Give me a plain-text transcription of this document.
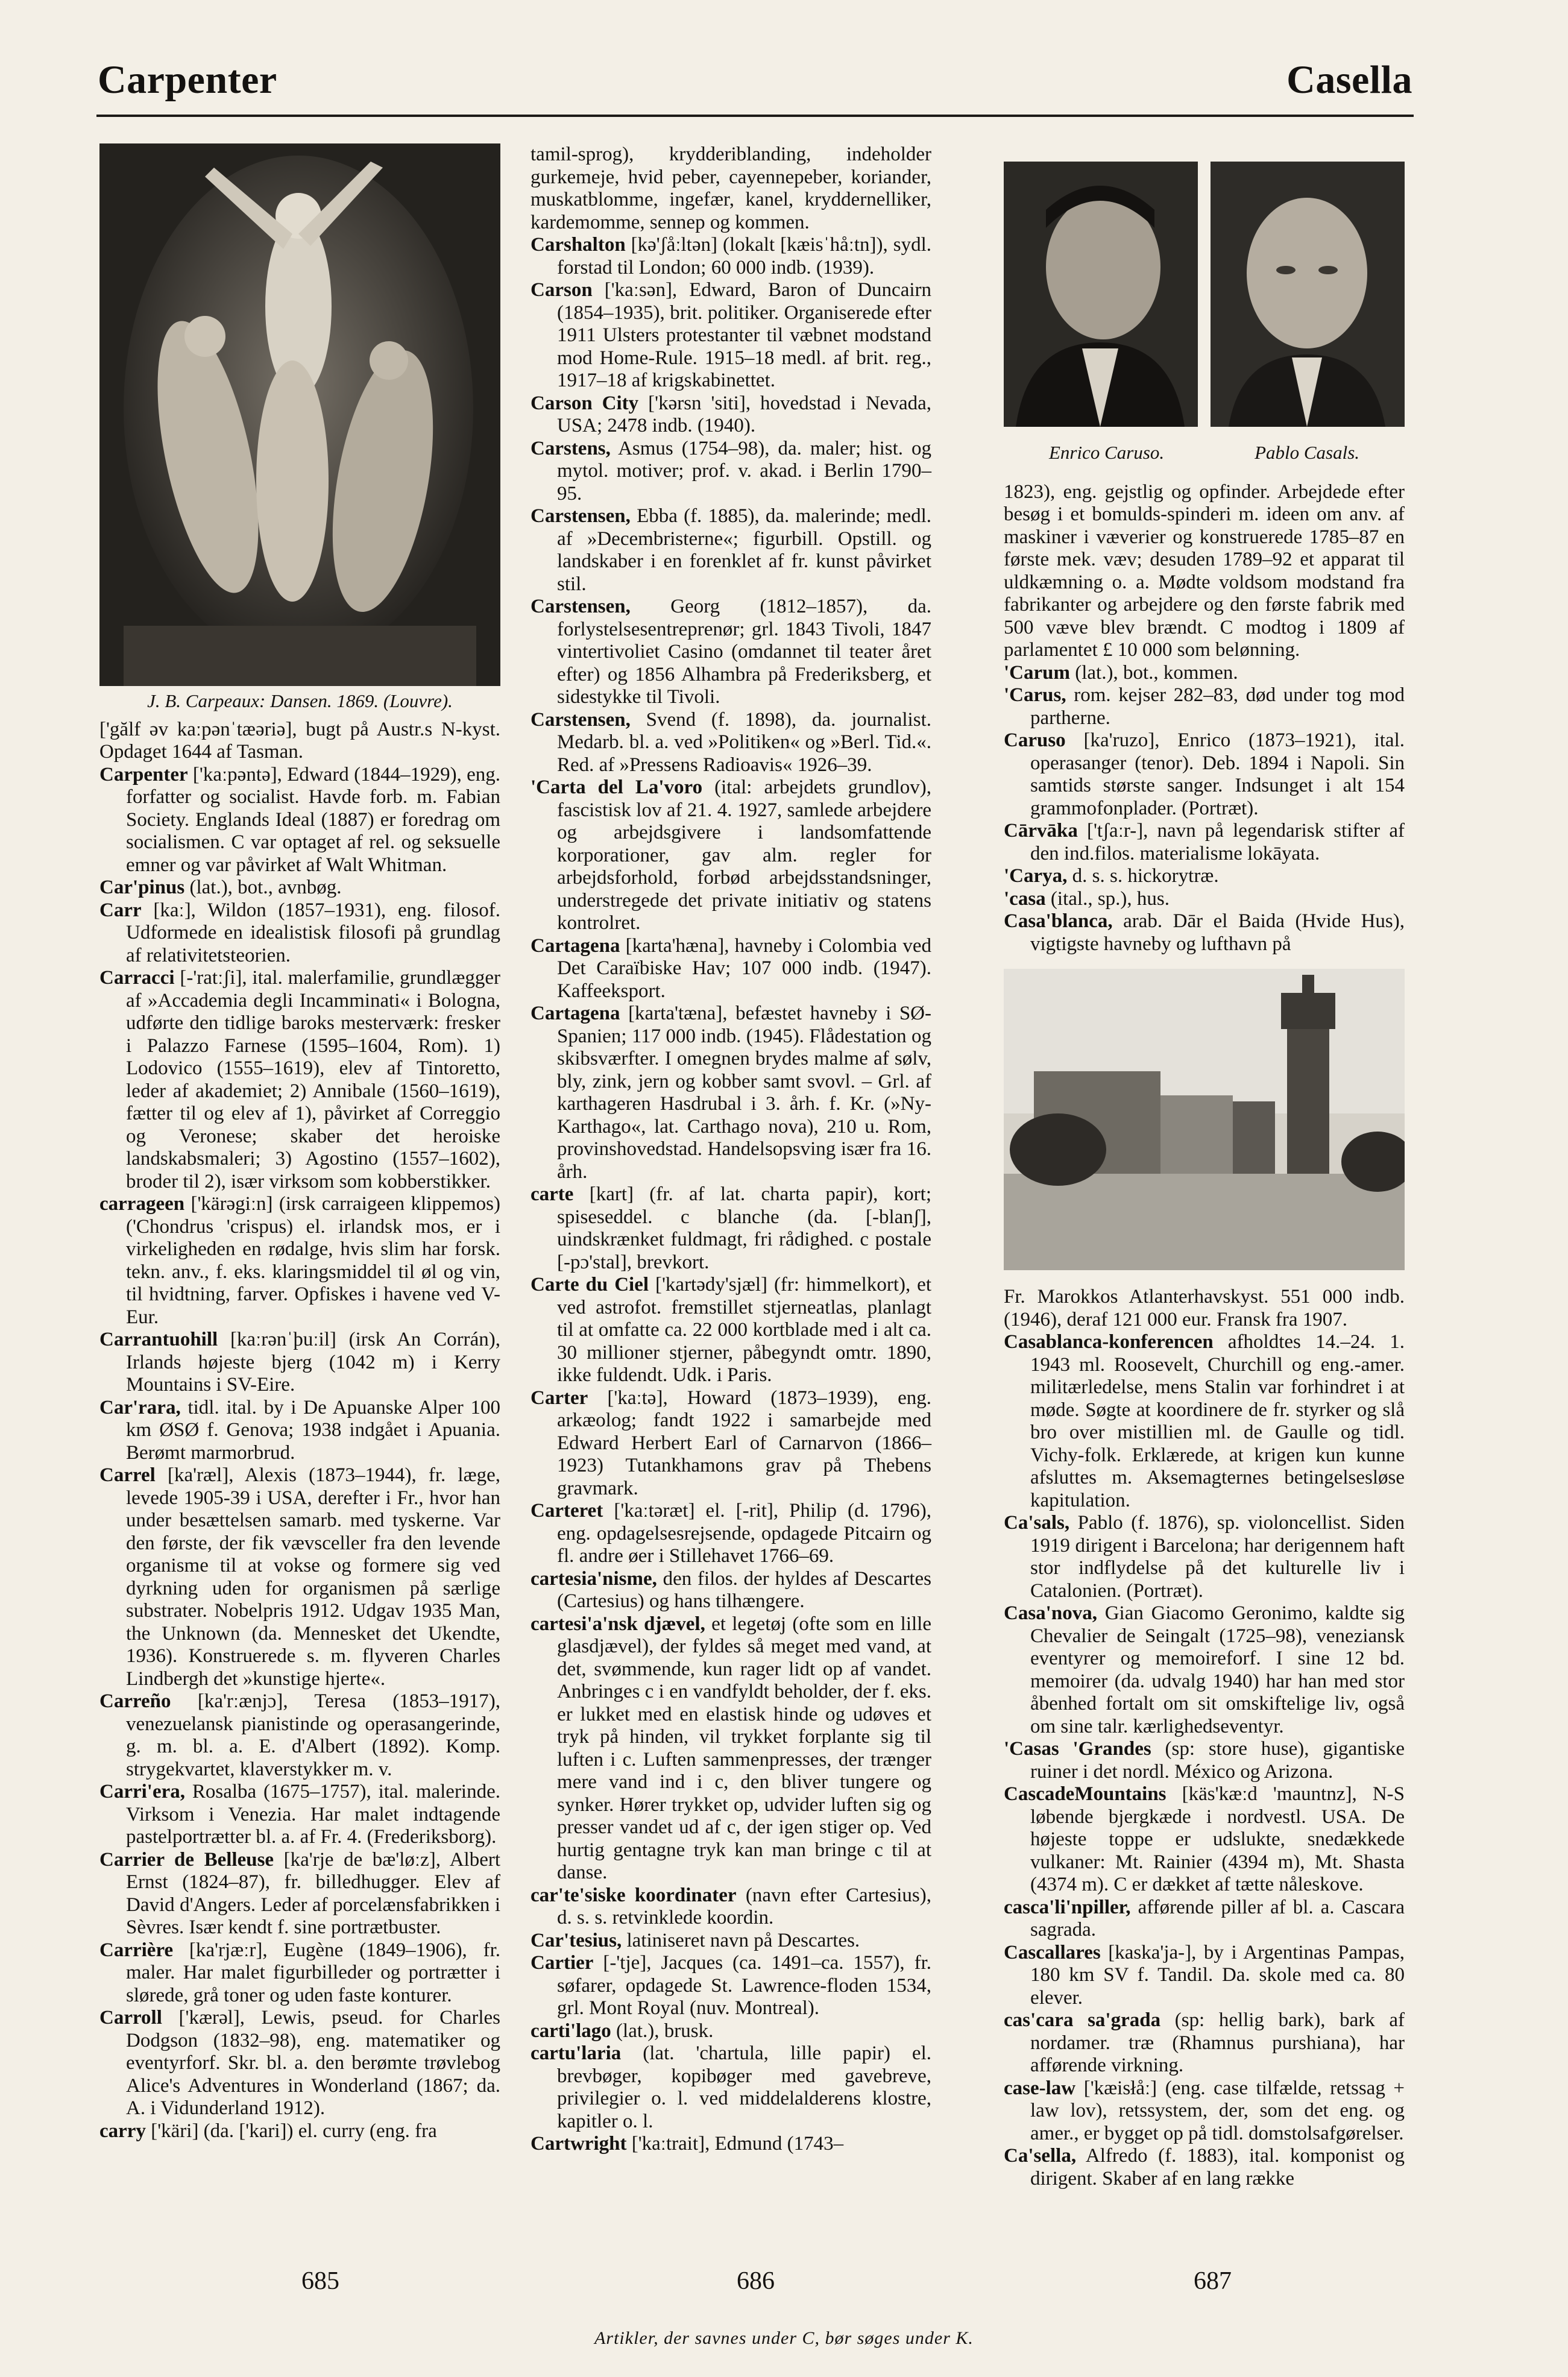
Carpenter	Casella
J. B. Carpeaux: Dansen. 1869. (Louvre).

['gălf əv kaːpənˈtæəriə], bugt på Austr.s N-kyst. Opdaget 1644 af Tasman.

Carpenter ['kaːpəntə], Edward (1844–1929), eng. forfatter og socialist. Havde forb. m. Fabian Society. Englands Ideal (1887) er foredrag om socialismen. C var optaget af rel. og seksuelle emner og var påvirket af Walt Whitman.

Car'pinus (lat.), bot., avnbøg.

Carr [kaː], Wildon (1857–1931), eng. filosof. Udformede en idealistisk filosofi på grundlag af relativitetsteorien.

Carracci [-'ratːʃi], ital. malerfamilie, grundlægger af »Accademia degli Incamminati« i Bologna, udførte den tidlige baroks mesterværk: fresker i Palazzo Farnese (1595–1604, Rom). 1) Lodovico (1555–1619), elev af Tintoretto, leder af akademiet; 2) Annibale (1560–1619), fætter til og elev af 1), påvirket af Correggio og Veronese; skaber det heroiske landskabsmaleri; 3) Agostino (1557–1602), broder til 2), især virksom som kobberstikker.

carrageen ['kärəgiːn] (irsk carraigeen klippemos) ('Chondrus 'crispus) el. irlandsk mos, er i virkeligheden en rødalge, hvis slim har forsk. tekn. anv., f. eks. klaringsmiddel til øl og vin, til hvidtning, farver. Opfiskes i havene ved V-Eur.

Carrantuohill [kaːrənˈþuːil] (irsk An Corrán), Irlands højeste bjerg (1042 m) i Kerry Mountains i SV-Eire.

Car'rara, tidl. ital. by i De Apuanske Alper 100 km ØSØ f. Genova; 1938 indgået i Apuania. Berømt marmorbrud.

Carrel [ka'ræl], Alexis (1873–1944), fr. læge, levede 1905-39 i USA, derefter i Fr., hvor han under besættelsen samarb. med tyskerne. Var den første, der fik vævsceller fra den levende organisme til at vokse og formere sig ved dyrkning uden for organismen på særlige substrater. Nobelpris 1912. Udgav 1935 Man, the Unknown (da. Mennesket det Ukendte, 1936). Konstruerede s. m. flyveren Charles Lindbergh det »kunstige hjerte«.

Carreño [ka'rːænjɔ], Teresa (1853–1917), venezuelansk pianistinde og operasangerinde, g. m. bl. a. E. d'Albert (1892). Komp. strygekvartet, klaverstykker m. v.

Carri'era, Rosalba (1675–1757), ital. malerinde. Virksom i Venezia. Har malet indtagende pastelportrætter bl. a. af Fr. 4. (Frederiksborg).

Carrier de Belleuse [ka'rje de bæ'løːz], Albert Ernst (1824–87), fr. billedhugger. Elev af David d'Angers. Leder af porcelænsfabrikken i Sèvres. Især kendt f. sine portrætbuster.

Carrière [ka'rjæːr], Eugène (1849–1906), fr. maler. Har malet figurbilleder og portrætter i slørede, grå toner og uden faste konturer.

Carroll ['kærəl], Lewis, pseud. for Charles Dodgson (1832–98), eng. matematiker og eventyrforf. Skr. bl. a. den berømte trøvlebog Alice's Adventures in Wonderland (1867; da. A. i Vidunderland 1912).

carry ['käri] (da. ['kari]) el. curry (eng. fra

tamil-sprog), krydderiblanding, indeholder gurkemeje, hvid peber, cayennepeber, koriander, muskatblomme, ingefær, kanel, kryddernelliker, kardemomme, sennep og kommen.

Carshalton [kə'ʃåːltən] (lokalt [kæisˈhåːtn]), sydl. forstad til London; 60 000 indb. (1939).

Carson ['kaːsən], Edward, Baron of Duncairn (1854–1935), brit. politiker. Organiserede efter 1911 Ulsters protestanter til væbnet modstand mod Home-Rule. 1915–18 medl. af brit. reg., 1917–18 af krigskabinettet.

Carson City ['kərsn 'siti], hovedstad i Nevada, USA; 2478 indb. (1940).

Carstens, Asmus (1754–98), da. maler; hist. og mytol. motiver; prof. v. akad. i Berlin 1790–95.

Carstensen, Ebba (f. 1885), da. malerinde; medl. af »Decembristerne«; figurbill. Opstill. og landskaber i en forenklet af fr. kunst påvirket stil.

Carstensen, Georg (1812–1857), da. forlystelsesentreprenør; grl. 1843 Tivoli, 1847 vintertivoliet Casino (omdannet til teater året efter) og 1856 Alhambra på Frederiksberg, et sidestykke til Tivoli.

Carstensen, Svend (f. 1898), da. journalist. Medarb. bl. a. ved »Politiken« og »Berl. Tid.«. Red. af »Pressens Radioavis« 1926–39.

'Carta del La'voro (ital: arbejdets grundlov), fascistisk lov af 21. 4. 1927, samlede arbejdere og arbejdsgivere i landsomfattende korporationer, gav alm. regler for arbejdsforhold, forbød arbejdsstandsninger, understregede det private initiativ og statens kontrolret.

Cartagena [karta'hæna], havneby i Colombia ved Det Caraïbiske Hav; 107 000 indb. (1947). Kaffeeksport.

Cartagena [karta'tæna], befæstet havneby i SØ-Spanien; 117 000 indb. (1945). Flådestation og skibsværfter. I omegnen brydes malme af sølv, bly, zink, jern og kobber samt svovl. – Grl. af karthageren Hasdrubal i 3. årh. f. Kr. (»Ny-Karthago«, lat. Carthago nova), 210 u. Rom, provinshovedstad. Handelsopsving især fra 16. årh.

carte [kart] (fr. af lat. charta papir), kort; spiseseddel. c blanche (da. [-blanʃ], uindskrænket fuldmagt, fri rådighed. c postale [-pɔ'stal], brevkort.

Carte du Ciel ['kartədy'sjæl] (fr: himmelkort), et ved astrofot. fremstillet stjerneatlas, planlagt til at omfatte ca. 22 000 kortblade med i alt ca. 30 millioner stjerner, påbegyndt omtr. 1890, ikke fuldendt. Udk. i Paris.

Carter ['kaːtə], Howard (1873–1939), eng. arkæolog; fandt 1922 i samarbejde med Edward Herbert Earl of Carnarvon (1866–1923) Tutankhamons grav på Thebens gravmark.

Carteret ['kaːtəræt] el. [-rit], Philip (d. 1796), eng. opdagelsesrejsende, opdagede Pitcairn og fl. andre øer i Stillehavet 1766–69.

cartesia'nisme, den filos. der hyldes af Descartes (Cartesius) og hans tilhængere.

cartesi'a'nsk djævel, et legetøj (ofte som en lille glasdjævel), der fyldes så meget med vand, at det, svømmende, kun rager lidt op af vandet. Anbringes c i en vandfyldt beholder, der f. eks. er lukket med en elastisk hinde og udøves et tryk på hinden, vil trykket forplante sig til luften i c. Luften sammenpresses, der trænger mere vand ind i c, den bliver tungere og synker. Hører trykket op, udvider luften sig og presser vandet ud af c, der igen stiger op. Ved hurtig gentagne tryk kan man bringe c til at danse.

car'te'siske koordinater (navn efter Cartesius), d. s. s. retvinklede koordin.

Car'tesius, latiniseret navn på Descartes.

Cartier [-'tje], Jacques (ca. 1491–ca. 1557), fr. søfarer, opdagede St. Lawrence-floden 1534, grl. Mont Royal (nuv. Montreal).

carti'lago (lat.), brusk.

cartu'laria (lat. 'chartula, lille papir) el. brevbøger, kopibøger med gavebreve, privilegier o. l. ved middelalderens klostre, kapitler o. l.

Cartwright ['kaːtrait], Edmund (1743–

Enrico Caruso.	Pablo Casals.

1823), eng. gejstlig og opfinder. Arbejdede efter besøg i et bomulds-spinderi m. ideen om anv. af maskiner i væverier og konstruerede 1785–87 en første mek. væv; desuden 1789–92 et apparat til uldkæmning o. a. Mødte voldsom modstand fra fabrikanter og arbejdere og den første fabrik med 500 væve blev brændt. C modtog i 1809 af parlamentet £ 10 000 som belønning.

'Carum (lat.), bot., kommen.

'Carus, rom. kejser 282–83, død under tog mod partherne.

Caruso [ka'ruzo], Enrico (1873–1921), ital. operasanger (tenor). Deb. 1894 i Napoli. Sin samtids største sanger. Indsunget i alt 154 grammofonplader. (Portræt).

Cārvāka ['tʃaːr-], navn på legendarisk stifter af den ind.filos. materialisme lokāyata.

'Carya, d. s. s. hickorytræ.

'casa (ital., sp.), hus.

Casa'blanca, arab. Dār el Baida (Hvide Hus), vigtigste havneby og lufthavn på

Fr. Marokkos Atlanterhavskyst. 551 000 indb. (1946), deraf 121 000 eur. Fransk fra 1907.

Casablanca-konferencen afholdtes 14.–24. 1. 1943 ml. Roosevelt, Churchill og eng.-amer. militærledelse, mens Stalin var forhindret i at møde. Søgte at koordinere de fr. styrker og slå bro over mistillien ml. de Gaulle og tidl. Vichy-folk. Erklærede, at krigen kun kunne afsluttes m. Aksemagternes betingelsesløse kapitulation.

Ca'sals, Pablo (f. 1876), sp. violoncellist. Siden 1919 dirigent i Barcelona; har derigennem haft stor indflydelse på det kulturelle liv i Catalonien. (Portræt).

Casa'nova, Gian Giacomo Geronimo, kaldte sig Chevalier de Seingalt (1725–98), veneziansk eventyrer og memoireforf. I sine 12 bd. memoirer (da. udvalg 1940) har han med stor åbenhed fortalt om sit omskiftelige liv, også om sine talr. kærlighedseventyr.

'Casas 'Grandes (sp: store huse), gigantiske ruiner i det nordl. México og Arizona.

CascadeMountains [käs'kæːd 'mauntnz], N-S løbende bjergkæde i nordvestl. USA. De højeste toppe er udslukte, snedækkede vulkaner: Mt. Rainier (4394 m), Mt. Shasta (4374 m). C er dækket af tætte nåleskove.

casca'li'npiller, afførende piller af bl. a. Cascara sagrada.

Cascallares [kaska'ja-], by i Argentinas Pampas, 180 km SV f. Tandil. Da. skole med ca. 80 elever.

cas'cara sa'grada (sp: hellig bark), bark af nordamer. træ (Rhamnus purshiana), har afførende virkning.

case-law ['kæisłåː] (eng. case tilfælde, retssag + law lov), retssystem, der, som det eng. og amer., er bygget op på tidl. domstolsafgørelser.

Ca'sella, Alfredo (f. 1883), ital. komponist og dirigent. Skaber af en lang række

685	686	687
Artikler, der savnes under C, bør søges under K.
